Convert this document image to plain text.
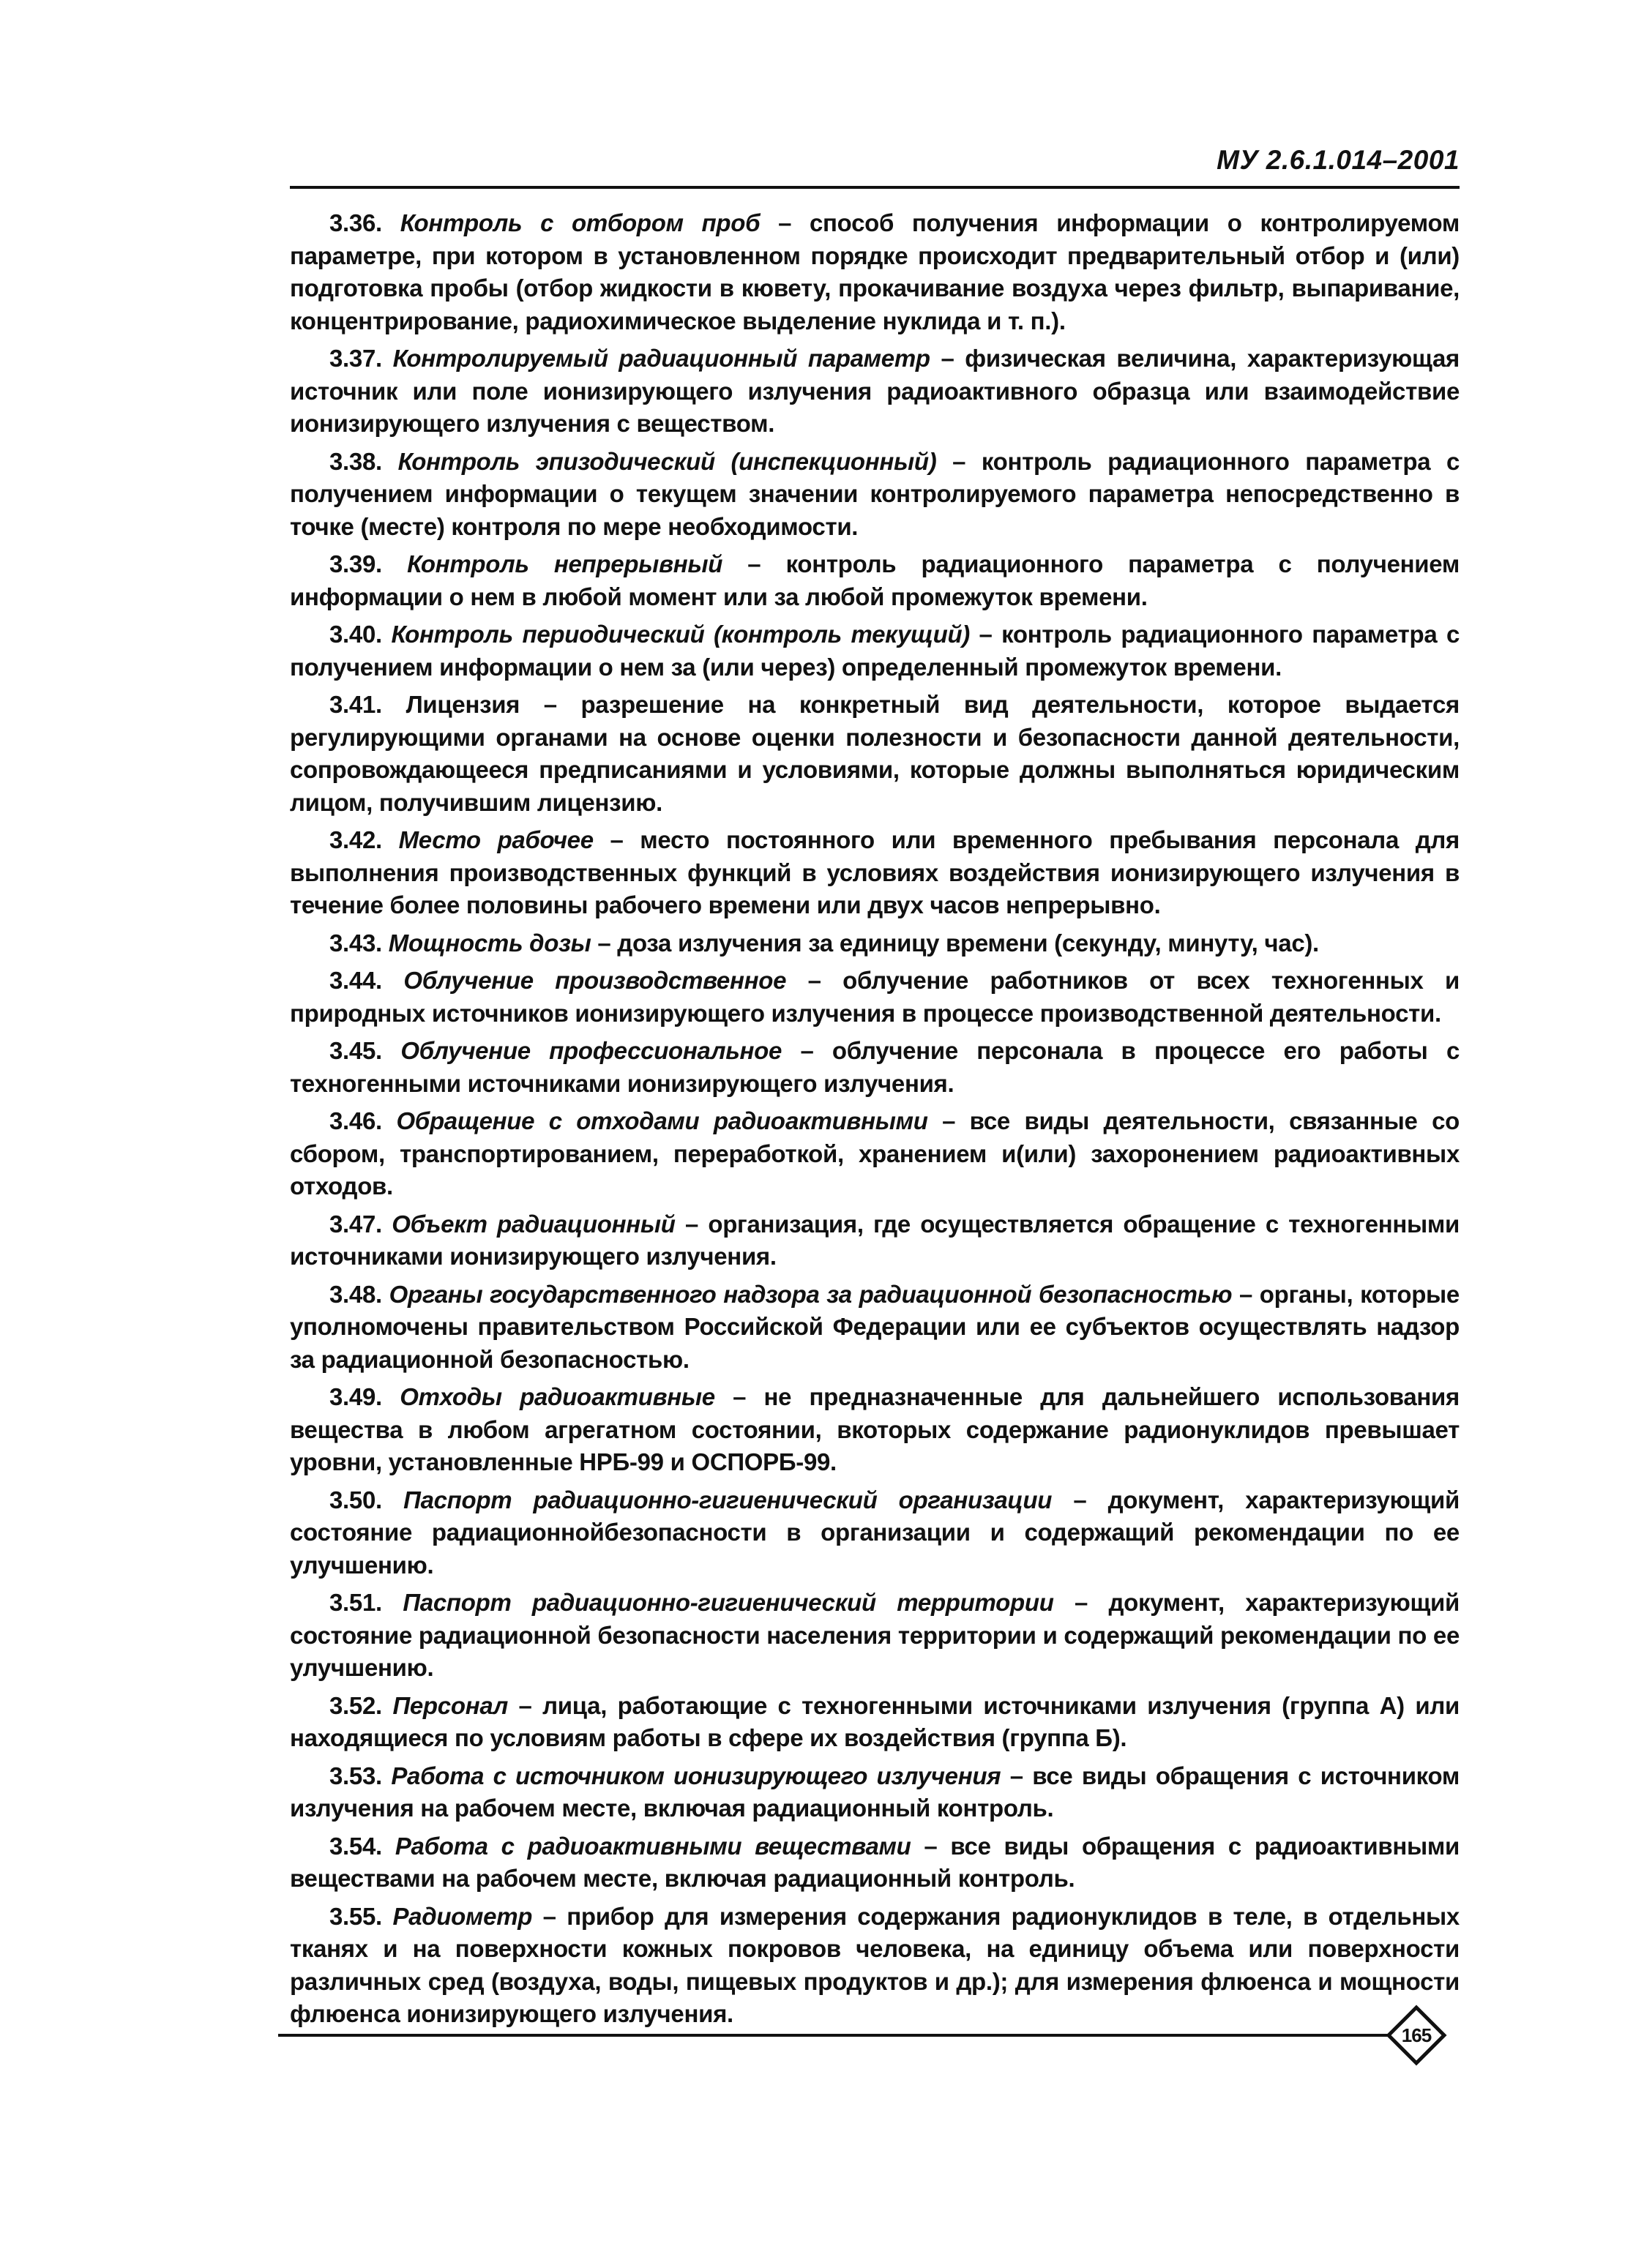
МУ 2.6.1.014–2001

3.36. Контроль с отбором проб – способ получения информации о контролируемом параметре, при котором в установленном порядке происходит предварительный отбор и (или) подготовка пробы (отбор жидкости в кювету, прокачивание воздуха через фильтр, выпаривание, концентрирование, радиохимическое выделение нуклида и т. п.).

3.37. Контролируемый радиационный параметр – физическая величина, характеризующая источник или поле ионизирующего излучения радиоактивного образца или взаимодействие ионизирующего излучения с веществом.

3.38. Контроль эпизодический (инспекционный) – контроль радиационного параметра с получением информации о текущем значении контролируемого параметра непосредственно в точке (месте) контроля по мере необходимости.

3.39. Контроль непрерывный – контроль радиационного параметра с получением информации о нем в любой момент или за любой промежуток времени.

3.40. Контроль периодический (контроль текущий) – контроль радиационного параметра с получением информации о нем за (или через) определенный промежуток времени.

3.41. Лицензия – разрешение на конкретный вид деятельности, которое выдается регулирующими органами на основе оценки полезности и безопасности данной деятельности, сопровождающееся предписаниями и условиями, которые должны выполняться юридическим лицом, получившим лицензию.

3.42. Место рабочее – место постоянного или временного пребывания персонала для выполнения производственных функций в условиях воздействия ионизирующего излучения в течение более половины рабочего времени или двух часов непрерывно.

3.43. Мощность дозы – доза излучения за единицу времени (секунду, минуту, час).

3.44. Облучение производственное – облучение работников от всех техногенных и природных источников ионизирующего излучения в процессе производственной деятельности.

3.45. Облучение профессиональное – облучение персонала в процессе его работы с техногенными источниками ионизирующего излучения.

3.46. Обращение с отходами радиоактивными – все виды деятельности, связанные со сбором, транспортированием, переработкой, хранением и(или) захоронением радиоактивных отходов.

3.47. Объект радиационный – организация, где осуществляется обращение с техногенными источниками ионизирующего излучения.

3.48. Органы государственного надзора за радиационной безопасностью – органы, которые уполномочены правительством Российской Федерации или ее субъектов осуществлять надзор за радиационной безопасностью.

3.49. Отходы радиоактивные – не предназначенные для дальнейшего использования вещества в любом агрегатном состоянии, вкоторых содержание радионуклидов превышает уровни, установленные НРБ-99 и ОСПОРБ-99.

3.50. Паспорт радиационно-гигиенический организации – документ, характеризующий состояние радиационнойбезопасности в организации и содержащий рекомендации по ее улучшению.

3.51. Паспорт радиационно-гигиенический территории – документ, характеризующий состояние радиационной безопасности населения территории и содержащий рекомендации по ее улучшению.

3.52. Персонал – лица, работающие с техногенными источниками излучения (группа А) или находящиеся по условиям работы в сфере их воздействия (группа Б).

3.53. Работа с источником ионизирующего излучения – все виды обращения с источником излучения на рабочем месте, включая радиационный контроль.

3.54. Работа с радиоактивными веществами – все виды обращения с радиоактивными веществами на рабочем месте, включая радиационный контроль.

3.55. Радиометр – прибор для измерения содержания радионуклидов в теле, в отдельных тканях и на поверхности кожных покровов человека, на единицу объема или поверхности различных сред (воздуха, воды, пищевых продуктов и др.); для измерения флюенса и мощности флюенса ионизирующего излучения.

165
